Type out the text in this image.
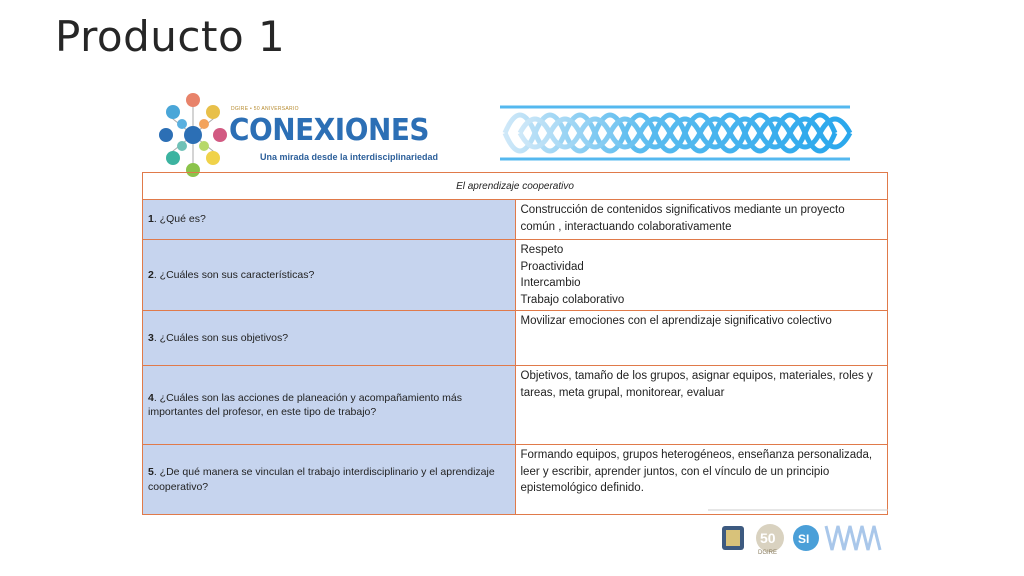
Producto 1
DGIRE • 50 ANIVERSARIO
CONEXIONES
Una mirada desde la interdisciplinariedad
El aprendizaje cooperativo	
1. ¿Qué es?	Construcción de contenidos significativos mediante un proyecto común , interactuando colaborativamente

2. ¿Cuáles son sus características?	Respeto
Proactividad
Intercambio
Trabajo colaborativo

3. ¿Cuáles son sus objetivos?	Movilizar emociones con el aprendizaje significativo colectivo

4. ¿Cuáles son las acciones de planeación y acompañamiento más importantes del profesor, en este tipo de trabajo?	Objetivos, tamaño de los grupos, asignar equipos, materiales, roles y tareas, meta grupal, monitorear, evaluar

5. ¿De qué manera se vinculan el trabajo interdisciplinario y el aprendizaje cooperativo?	Formando equipos, grupos heterogéneos, enseñanza personalizada, leer y escribir, aprender juntos, con el vínculo de un principio epistemológico definido.
50
DGIRE
SI
